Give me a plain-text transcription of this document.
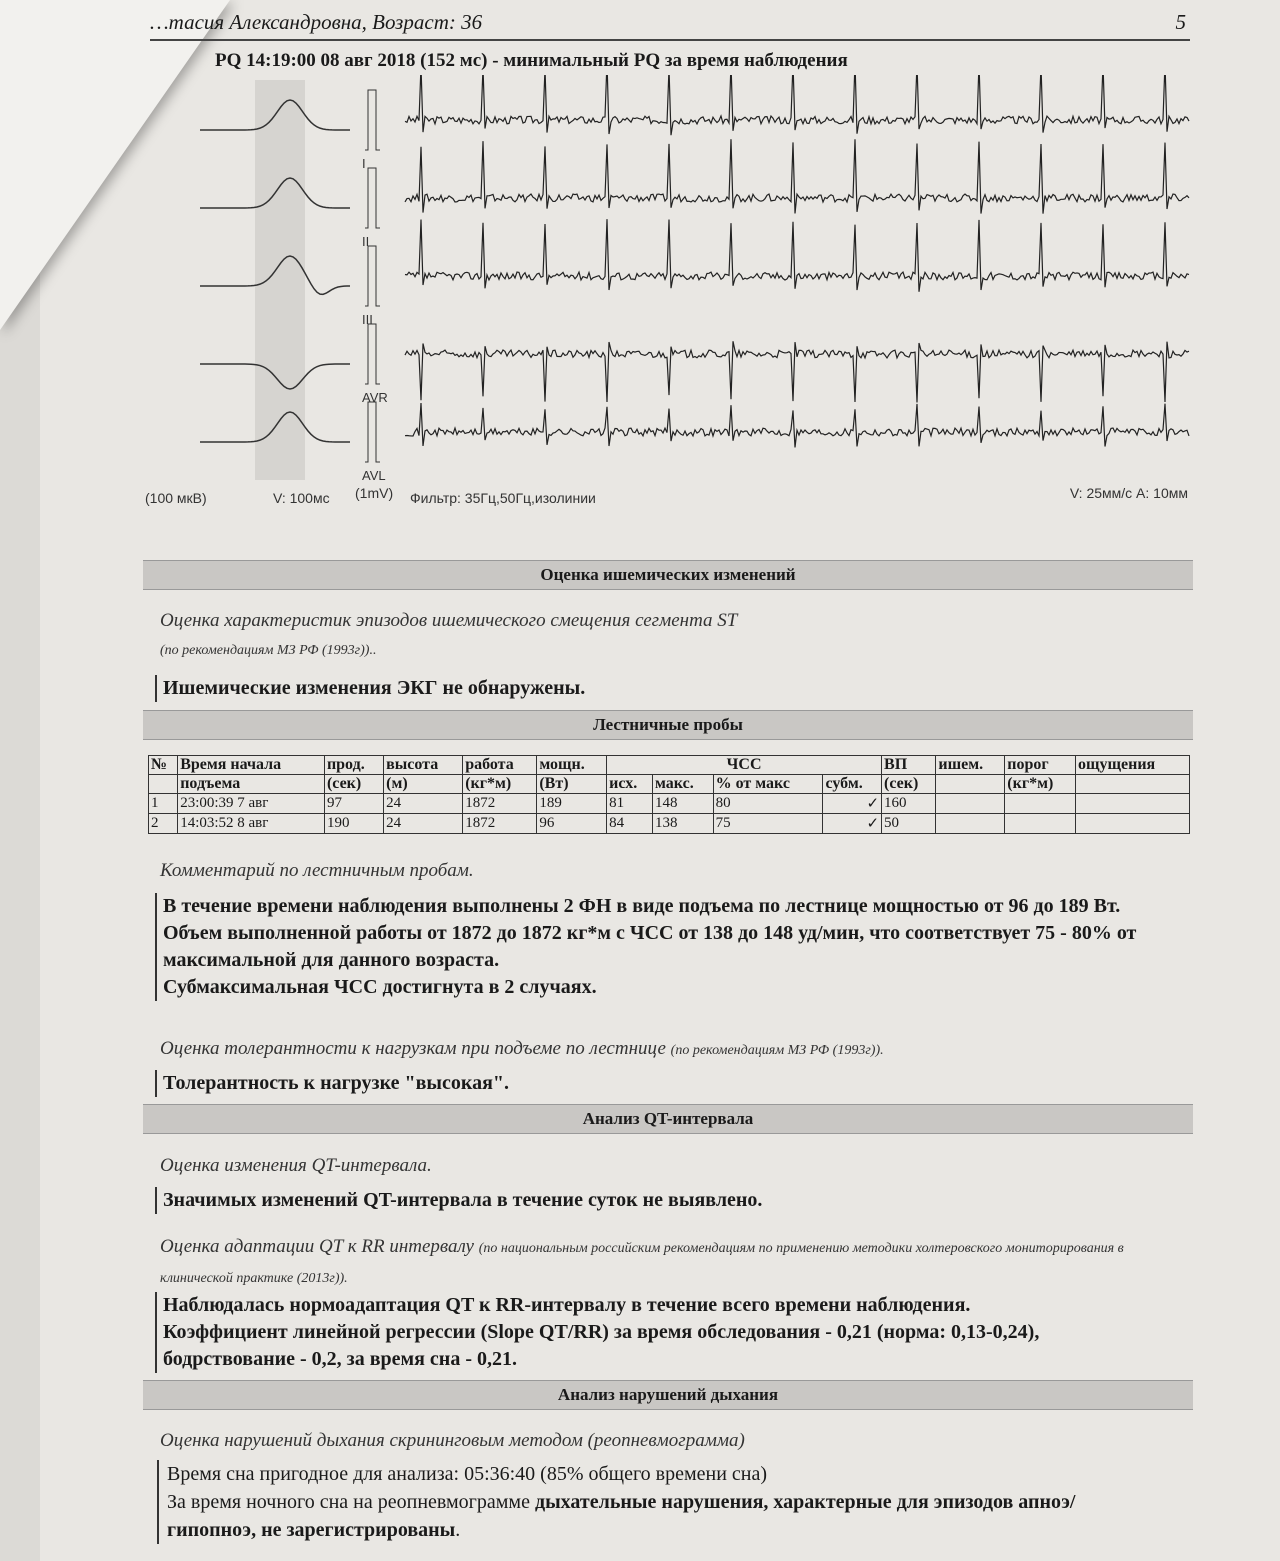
…тасия Александровна, Возраст: 36	5
PQ 14:19:00 08 авг 2018 (152 мс) - минимальный PQ за время наблюдения
I
II
III
AVR
AVL
(100 мкВ)	V: 100мс (1mV) Фильтр: 35Гц,50Гц,изолинии	V: 25мм/с A: 10мм
Оценка ишемических изменений
Оценка характеристик эпизодов ишемического смещения сегмента ST
(по рекомендациям МЗ РФ (1993г))..
Ишемические изменения ЭКГ не обнаружены.
Лестничные пробы
№	Время начала	прод.	высота	работа	мощн.	ЧСС				ВП	ишем.	порог	ощущения
	подъема	(сек)	(м)	(кг*м)	(Вт)	исх.	макс.	% от макс	субм.	(сек)		(кг*м)	
1	23:00:39 7 авг	97	24	1872	189	81	148	80	✓	160			
2	14:03:52 8 авг	190	24	1872	96	84	138	75	✓	50			
Комментарий по лестничным пробам.
В течение времени наблюдения выполнены 2 ФН в виде подъема по лестнице мощностью от 96 до 189 Вт.
Объем выполненной работы от 1872 до 1872 кг*м с ЧСС от 138 до 148 уд/мин, что соответствует 75 - 80% от максимальной для данного возраста.
Субмаксимальная ЧСС достигнута в 2 случаях.
Оценка толерантности к нагрузкам при подъеме по лестнице (по рекомендациям МЗ РФ (1993г)).
Толерантность к нагрузке "высокая".
Анализ QT-интервала
Оценка изменения QT-интервала.
Значимых изменений QT-интервала в течение суток не выявлено.
Оценка адаптации QT к RR интервалу (по национальным российским рекомендациям по применению методики холтеровского мониторирования в клинической практике (2013г)).
Наблюдалась нормоадаптация QT к RR-интервалу в течение всего времени наблюдения.
Коэффициент линейной регрессии (Slope QT/RR) за время обследования - 0,21 (норма: 0,13-0,24), бодрствование - 0,2, за время сна - 0,21.
Анализ нарушений дыхания
Оценка нарушений дыхания скрининговым методом (реопневмограмма)
Время сна пригодное для анализа: 05:36:40 (85% общего времени сна)
За время ночного сна на реопневмограмме дыхательные нарушения, характерные для эпизодов апноэ/гипопноэ, не зарегистрированы.
